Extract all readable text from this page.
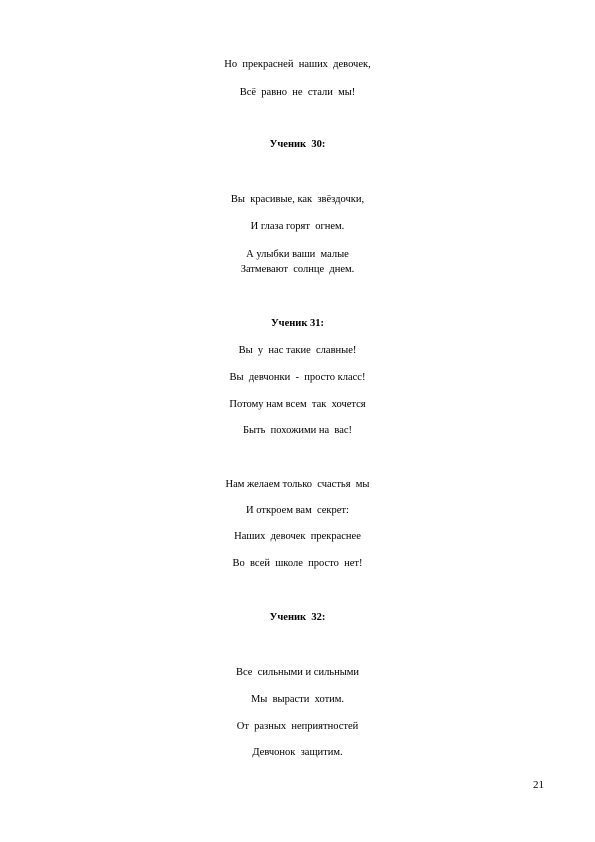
Но  прекрасней  наших  девочек,
Всё  равно  не  стали  мы!
Ученик  30:
Вы  красивые, как  звёздочки,
И глаза горят  огнем.
А улыбки ваши  малые
Затмевают  солнце  днем.
Ученик 31:
Вы  у  нас такие  славные!
Вы  девчонки  -  просто класс!
Потому нам всем  так  хочется
Быть  похожими на  вас!
Нам желаем только  счастья  мы
И откроем вам  секрет:
Наших  девочек  прекраснее
Во  всей  школе  просто  нет!
Ученик  32:
Все  сильными и сильными
Мы  вырасти  хотим.
От  разных  неприятностей
Девчонок  защитим.
21
